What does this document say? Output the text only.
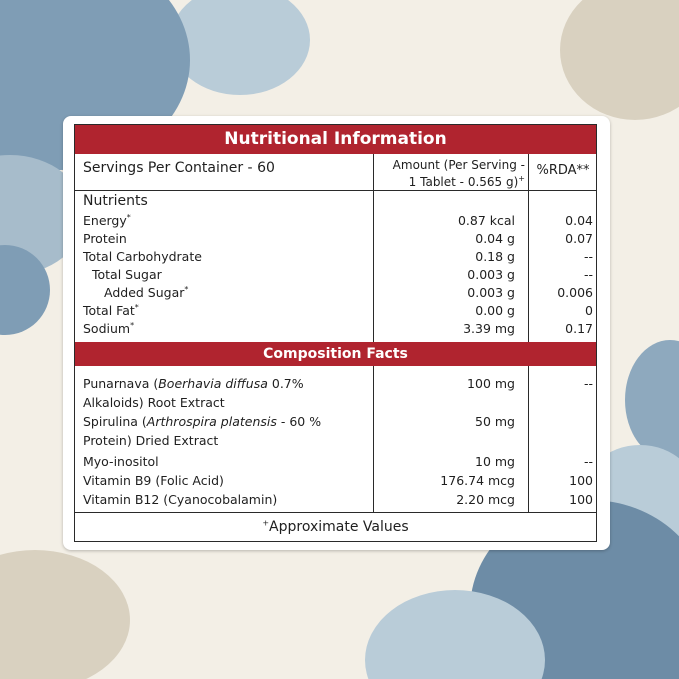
Nutritional Information
Servings Per Container - 60	Amount (Per Serving -
1 Tablet - 0.565 g)+
%RDA**
Nutrients
Energy*	0.87 kcal	0.04
Protein	0.04 g	0.07
Total Carbohydrate	0.18 g	--
Total Sugar	0.003 g	--
Added Sugar*	0.003 g	0.006
Total Fat*	0.00 g	0
Sodium*	3.39 mg	0.17
Composition Facts
Punarnava (Boerhavia diffusa 0.7%
Alkaloids) Root Extract
100 mg	--
Spirulina (Arthrospira platensis - 60 %
Protein) Dried Extract
50 mg
Myo-inositol	10 mg	--
Vitamin B9 (Folic Acid)	176.74 mcg	100
Vitamin B12 (Cyanocobalamin)	2.20 mcg	100
+Approximate Values
